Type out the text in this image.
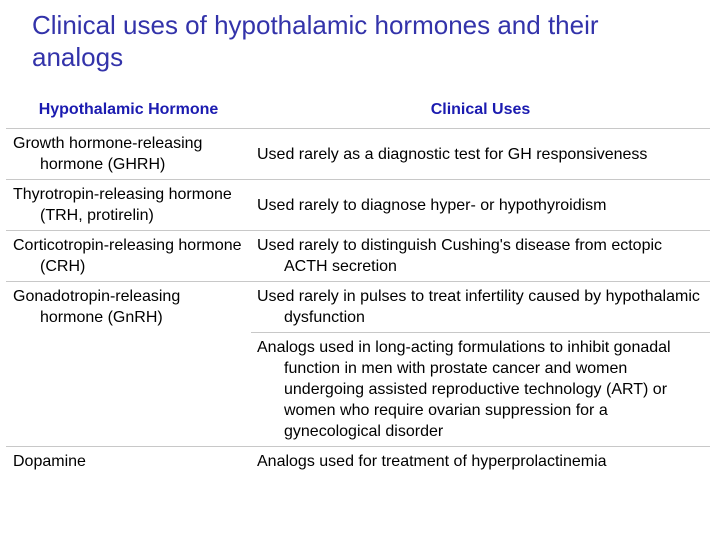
Clinical uses of hypothalamic hormones and their analogs
Hypothalamic Hormone	Clinical Uses

Growth hormone-releasing hormone (GHRH)	Used rarely as a diagnostic test for GH responsiveness

Thyrotropin-releasing hormone (TRH, protirelin)	Used rarely to diagnose hyper- or hypothyroidism

Corticotropin-releasing hormone (CRH)	Used rarely to distinguish Cushing's disease from ectopic ACTH secretion

Gonadotropin-releasing hormone (GnRH)	Used rarely in pulses to treat infertility caused by hypothalamic dysfunction

	Analogs used in long-acting formulations to inhibit gonadal function in men with prostate cancer and women undergoing assisted reproductive technology (ART) or women who require ovarian suppression for a gynecological disorder

Dopamine	Analogs used for treatment of hyperprolactinemia
